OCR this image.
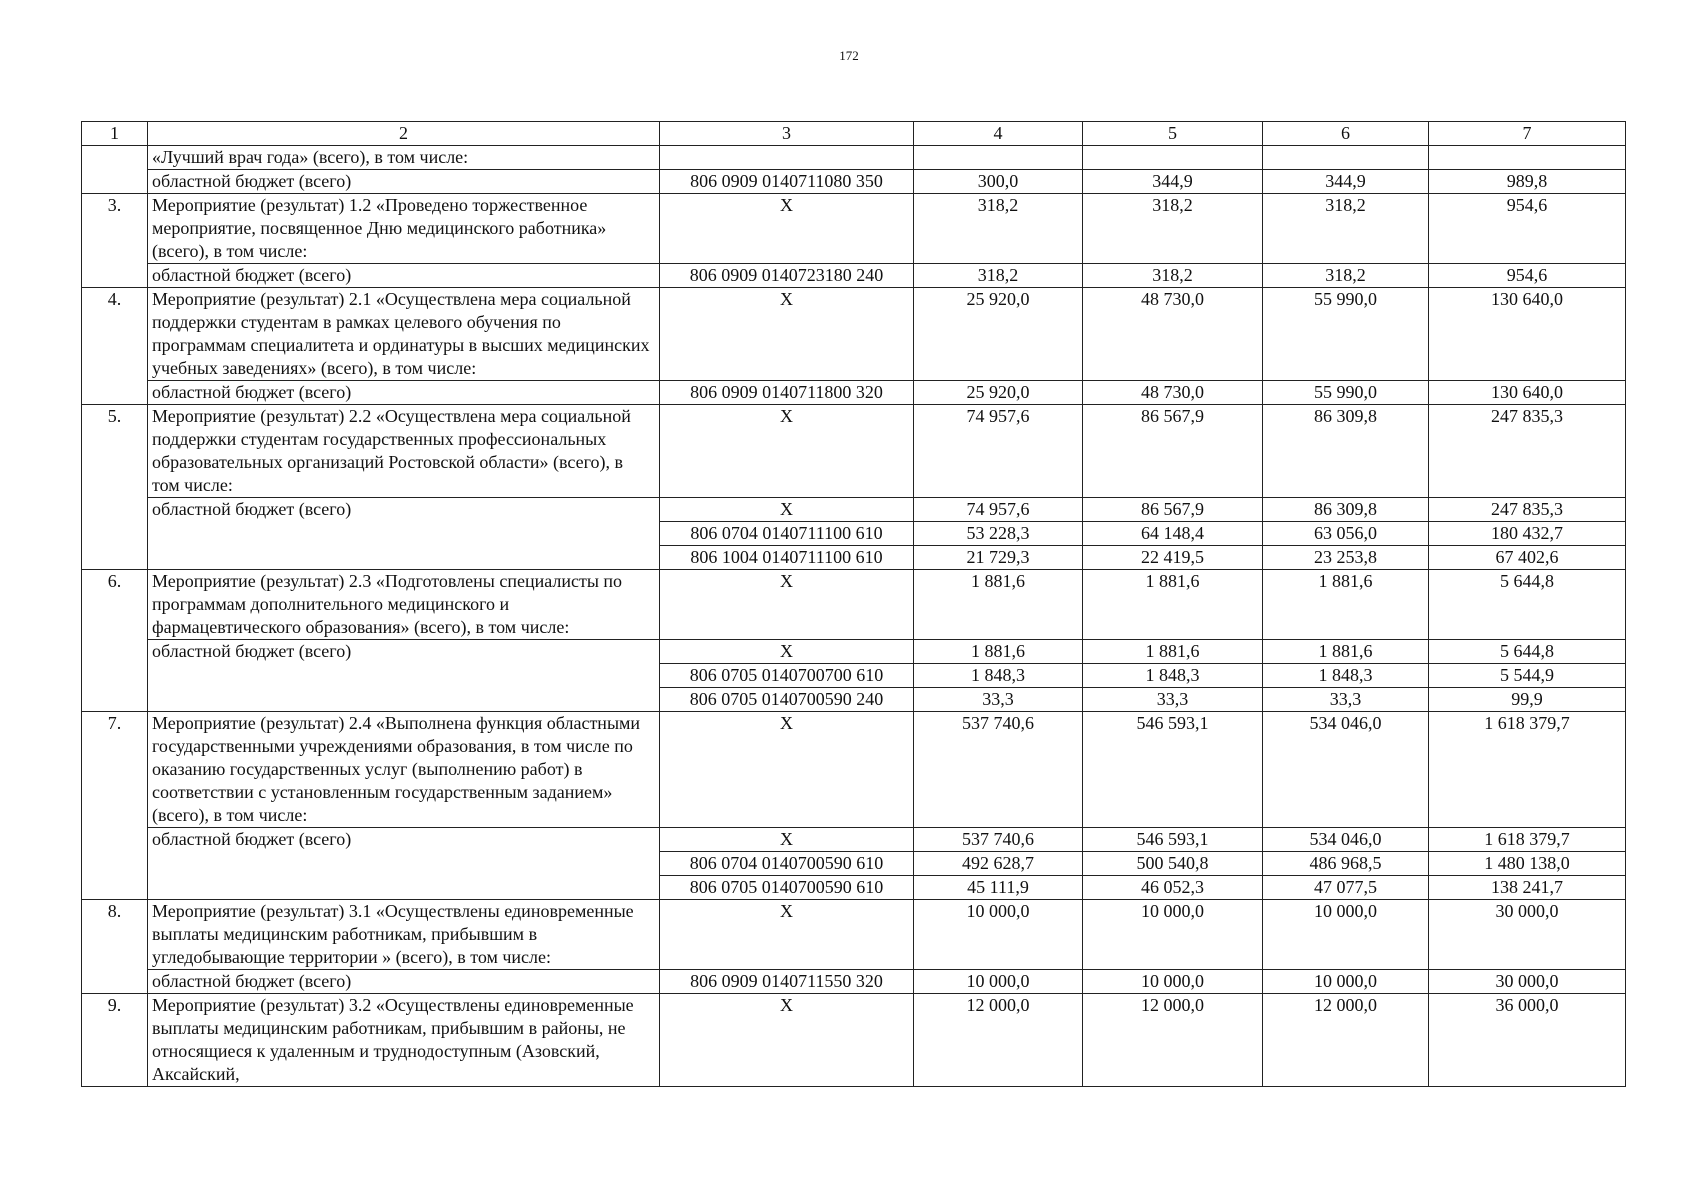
172
1	2	3	4	5	6	7
	«Лучший врач года» (всего), в том числе:					
	областной бюджет (всего)	806 0909 0140711080 350	300,0	344,9	344,9	989,8
3.	Мероприятие (результат) 1.2 «Проведено торжественное мероприятие, посвященное Дню медицинского работника» (всего), в том числе:	X	318,2	318,2	318,2	954,6
	областной бюджет (всего)	806 0909 0140723180 240	318,2	318,2	318,2	954,6
4.	Мероприятие (результат) 2.1 «Осуществлена мера социальной поддержки студентам в рамках целевого обучения по программам специалитета и ординатуры в высших медицинских учебных заведениях» (всего), в том числе:	X	25 920,0	48 730,0	55 990,0	130 640,0
	областной бюджет (всего)	806 0909 0140711800 320	25 920,0	48 730,0	55 990,0	130 640,0
5.	Мероприятие (результат) 2.2 «Осуществлена мера социальной поддержки студентам государственных профессиональных образовательных организаций Ростовской области» (всего), в том числе:	X	74 957,6	86 567,9	86 309,8	247 835,3
	областной бюджет (всего)	X	74 957,6	86 567,9	86 309,8	247 835,3
		806 0704 0140711100 610	53 228,3	64 148,4	63 056,0	180 432,7
		806 1004 0140711100 610	21 729,3	22 419,5	23 253,8	67 402,6
6.	Мероприятие (результат) 2.3 «Подготовлены специалисты по программам дополнительного медицинского и фармацевтического образования» (всего), в том числе:	X	1 881,6	1 881,6	1 881,6	5 644,8
	областной бюджет (всего)	X	1 881,6	1 881,6	1 881,6	5 644,8
		806 0705 0140700700 610	1 848,3	1 848,3	1 848,3	5 544,9
		806 0705 0140700590 240	33,3	33,3	33,3	99,9
7.	Мероприятие (результат) 2.4 «Выполнена функция областными государственными учреждениями образования, в том числе по оказанию государственных услуг (выполнению работ) в соответствии с установленным государственным заданием» (всего), в том числе:	X	537 740,6	546 593,1	534 046,0	1 618 379,7
	областной бюджет (всего)	X	537 740,6	546 593,1	534 046,0	1 618 379,7
		806 0704 0140700590 610	492 628,7	500 540,8	486 968,5	1 480 138,0
		806 0705 0140700590 610	45 111,9	46 052,3	47 077,5	138 241,7
8.	Мероприятие (результат) 3.1 «Осуществлены единовременные выплаты медицинским работникам, прибывшим в угледобывающие территории » (всего), в том числе:	X	10 000,0	10 000,0	10 000,0	30 000,0
	областной бюджет (всего)	806 0909 0140711550 320	10 000,0	10 000,0	10 000,0	30 000,0
9.	Мероприятие (результат) 3.2 «Осуществлены единовременные выплаты медицинским работникам, прибывшим в районы, не относящиеся к удаленным и труднодоступным (Азовский, Аксайский,	X	12 000,0	12 000,0	12 000,0	36 000,0
